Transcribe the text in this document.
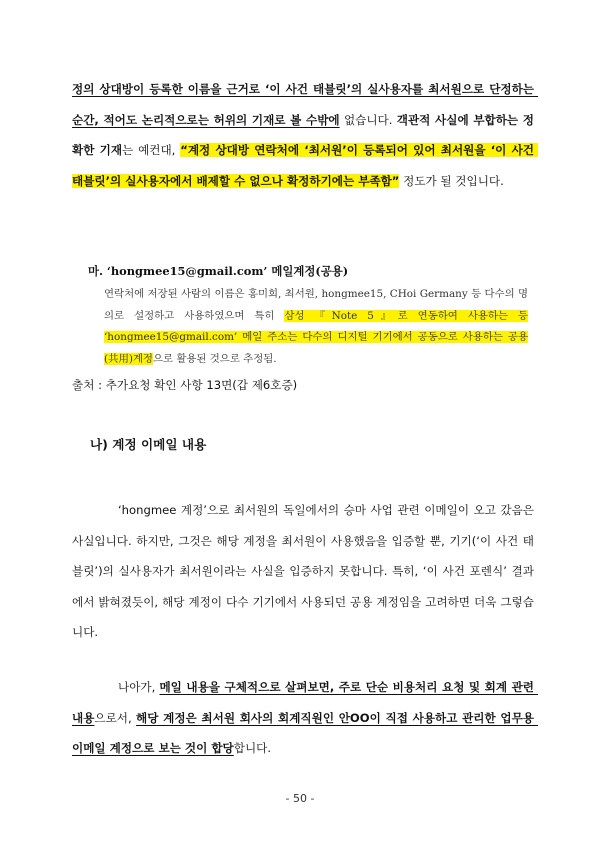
정의 상대방이 등록한 이름을 근거로 ‘이 사건 태블릿’의 실사용자를 최서원으로 단정하는 순간, 적어도 논리적으로는 허위의 기재로 볼 수밖에 없습니다. 객관적 사실에 부합하는 정확한 기재는 예컨대, “계정 상대방 연락처에 ‘최서원’이 등록되어 있어 최서원을 ‘이 사건 태블릿’의 실사용자에서 배제할 수 없으나 확정하기에는 부족함” 정도가 될 것입니다.

마. ‘hongmee15@gmail.com’ 메일계정(공용)

연락처에 저장된 사람의 이름은 홍미희, 최서원, hongmee15, CHoi Germany 등 다수의 명의로 설정하고 사용하였으며 특히 삼성 『Note 5』로 연동하여 사용하는 등 ‘hongmee15@gmail.com’ 메일 주소는 다수의 디지털 기기에서 공동으로 사용하는 공용(共用)계정으로 활용된 것으로 추정됨.

출처 : 추가요청 확인 사항 13면(갑 제6호증)

나) 계정 이메일 내용

‘hongmee 계정’으로 최서원의 독일에서의 승마 사업 관련 이메일이 오고 갔음은 사실입니다. 하지만, 그것은 해당 계정을 최서원이 사용했음을 입증할 뿐, 기기(‘이 사건 태블릿’)의 실사용자가 최서원이라는 사실을 입증하지 못합니다. 특히, ‘이 사건 포렌식’ 결과에서 밝혀졌듯이, 해당 계정이 다수 기기에서 사용되던 공용 계정임을 고려하면 더욱 그렇습니다.

나아가, 메일 내용을 구체적으로 살펴보면, 주로 단순 비용처리 요청 및 회계 관련 내용으로서, 해당 계정은 최서원 회사의 회계직원인 안OO이 직접 사용하고 관리한 업무용 이메일 계정으로 보는 것이 합당합니다.

- 50 -
